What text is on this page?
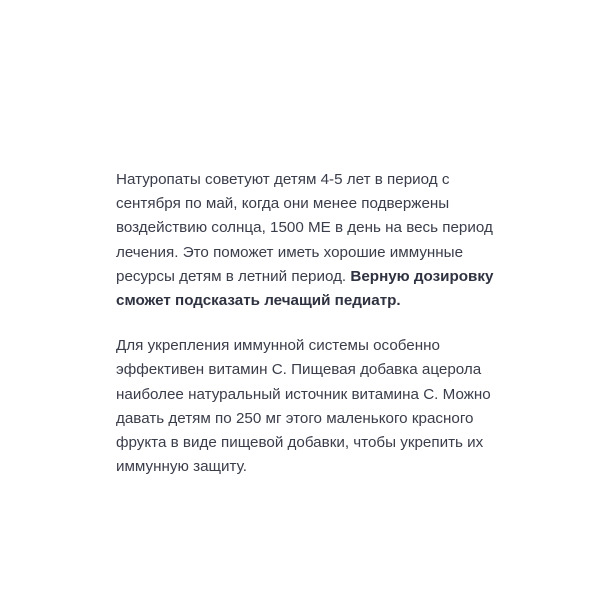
Натуропаты советуют детям 4-5 лет в период с сентября по май, когда они менее подвержены воздействию солнца, 1500 МЕ в день на весь период лечения. Это поможет иметь хорошие иммунные ресурсы детям в летний период. Верную дозировку сможет подсказать лечащий педиатр.

Для укрепления иммунной системы особенно эффективен витамин С. Пищевая добавка ацерола наиболее натуральный источник витамина С. Можно давать детям по 250 мг этого маленького красного фрукта в виде пищевой добавки, чтобы укрепить их иммунную защиту.
